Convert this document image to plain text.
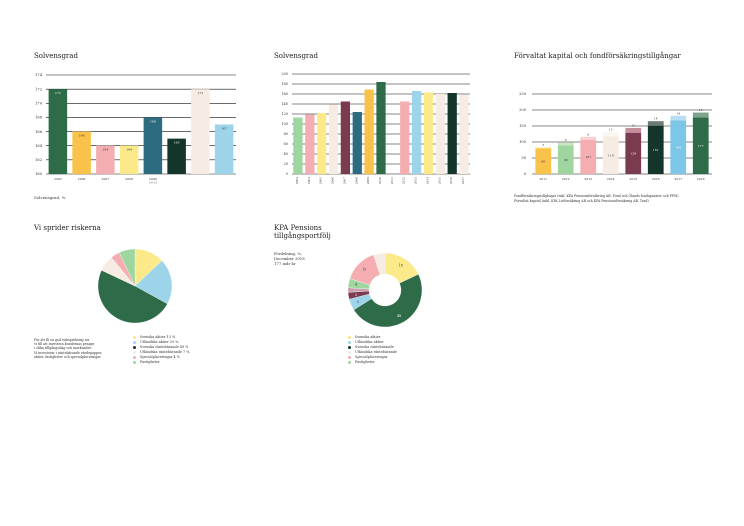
Solvensgrad	Solvensgrad	Förvaltat kapital och fondförsäkringstillgångar
Vi sprider riskerna	KPA Pensions
tillgångsportfölj
Solvensgrad, %	Fondförsäkringstillgångar (inkl. KPA Pensionsförsäkring AB, Fond och Ölands fondaparater och PPM)
Förvaltat kapital (inkl. KPA Livförsäkring AB och KPA Pensionsförsäkring AB, Trad)
För att få en god riskspridning tar
vi till att investera kundernas pengar
i olika tillgångsslag och marknader.
Vi investerar i räntebärande värdepapper,
aktier, fastigheter och specialplaceringar.
Fördelning, %,
December 2018
177 mdr kr
Svenska aktier 13 %
Utländska aktier 20 %
Svenska räntebärande 49 %
Utländska räntebärande 7 %
Specialplaceringar 4 %
Fastigheter
Svenska aktier
Utländska aktier
Svenska räntebärande
Utländska räntebärande
Specialplaceringar
Fastigheter
174
172
170
168
166
164
162
160
172
2005
166
2006
164
2007
164
2008
168
2009
1/6-13
165
172
167
200
180
160
140
120
100
80
60
40
20
0
2003	2004	2005	2006	2007	2008	2009	2010	2011	2012	2013	2014	2015	2016	2017
250
200
150
100
50
0
80
3
2011
90
8
2012
107
9
2013
118
13
2014
129
15
2015
151
14
2016
168
14
2017
177
15
2018
18
48
5
3
4
15
